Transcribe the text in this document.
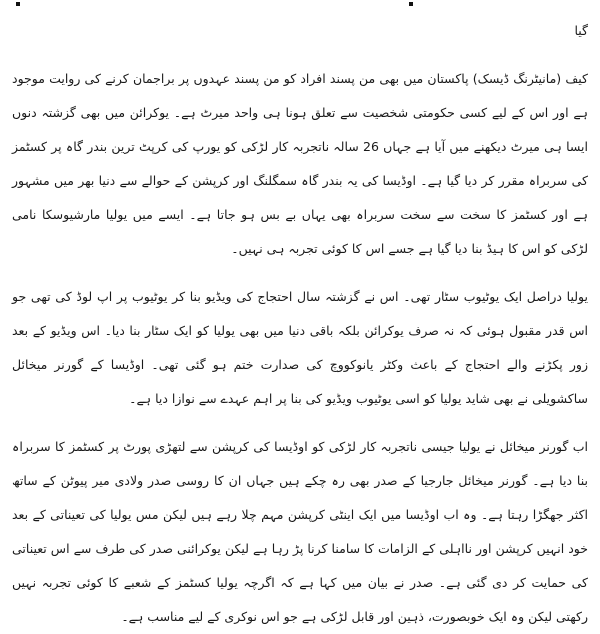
گیا

کیف (مانیٹرنگ ڈیسک) پاکستان میں بھی من پسند افراد کو من پسند عہدوں پر براجمان کرنے کی روایت موجود ہے اور اس کے لیے کسی حکومتی شخصیت سے تعلق ہونا ہی واحد میرٹ ہے۔ یوکرائن میں بھی گزشتہ دنوں ایسا ہی میرٹ دیکھنے میں آیا ہے جہاں 26 سالہ ناتجربہ کار لڑکی کو یورپ کی کرپٹ ترین بندر گاہ پر کسٹمز کی سربراہ مقرر کر دیا گیا ہے۔ اوڈیسا کی یہ بندر گاہ سمگلنگ اور کرپشن کے حوالے سے دنیا بھر میں مشہور ہے اور کسٹمز کا سخت سے سخت سربراہ بھی یہاں بے بس ہو جاتا ہے۔ ایسے میں یولیا مارشیوسکا نامی لڑکی کو اس کا ہیڈ بنا دیا گیا ہے جسے اس کا کوئی تجربہ ہی نہیں۔

یولیا دراصل ایک یوٹیوب سٹار تھی۔ اس نے گزشتہ سال احتجاج کی ویڈیو بنا کر یوٹیوب پر اپ لوڈ کی تھی جو اس قدر مقبول ہوئی کہ نہ صرف یوکرائن بلکہ باقی دنیا میں بھی یولیا کو ایک سٹار بنا دیا۔ اس ویڈیو کے بعد زور پکڑنے والے احتجاج کے باعث وکٹر یانوکووچ کی صدارت ختم ہو گئی تھی۔ اوڈیسا کے گورنر میخائل ساکشویلی نے بھی شاید یولیا کو اسی یوٹیوب ویڈیو کی بنا پر اہم عہدے سے نوازا دیا ہے۔

اب گورنر میخائل نے یولیا جیسی ناتجربہ کار لڑکی کو اوڈیسا کی کرپشن سے لتھڑی پورٹ پر کسٹمز کا سربراہ بنا دیا ہے۔ گورنر میخائل جارجیا کے صدر بھی رہ چکے ہیں جہاں ان کا روسی صدر ولادی میر پیوٹن کے ساتھ اکثر جھگڑا رہتا ہے۔ وہ اب اوڈیسا میں ایک اینٹی کرپشن مہم چلا رہے ہیں لیکن مس یولیا کی تعیناتی کے بعد خود انہیں کرپشن اور نااہلی کے الزامات کا سامنا کرنا پڑ رہا ہے لیکن یوکرائنی صدر کی طرف سے اس تعیناتی کی حمایت کر دی گئی ہے۔ صدر نے بیان میں کہا ہے کہ اگرچہ یولیا کسٹمز کے شعبے کا کوئی تجربہ نہیں رکھتی لیکن وہ ایک خوبصورت، ذہین اور قابل لڑکی ہے جو اس نوکری کے لیے مناسب ہے۔
